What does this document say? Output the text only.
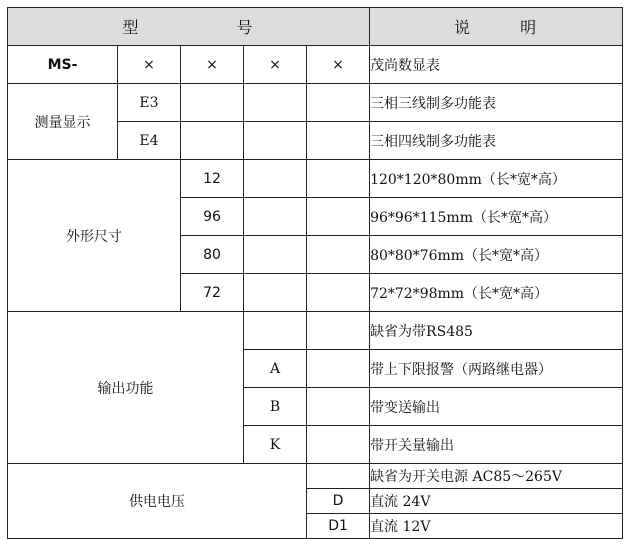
型 号					说 明
MS-	×	×	×	×	茂尚数显表
测量显示	E3				三相三线制多功能表
	E4				三相四线制多功能表
外形尺寸		12			120*120*80mm（长*宽*高）
		96			96*96*115mm（长*宽*高）
		80			80*80*76mm（长*宽*高）
		72			72*72*98mm（长*宽*高）
输出功能					缺省为带RS485
			A		带上下限报警（两路继电器）
			B		带变送输出
			K		带开关量输出
供电电压					缺省为开关电源 AC85～265V
				D	直流 24V
				D1	直流 12V
